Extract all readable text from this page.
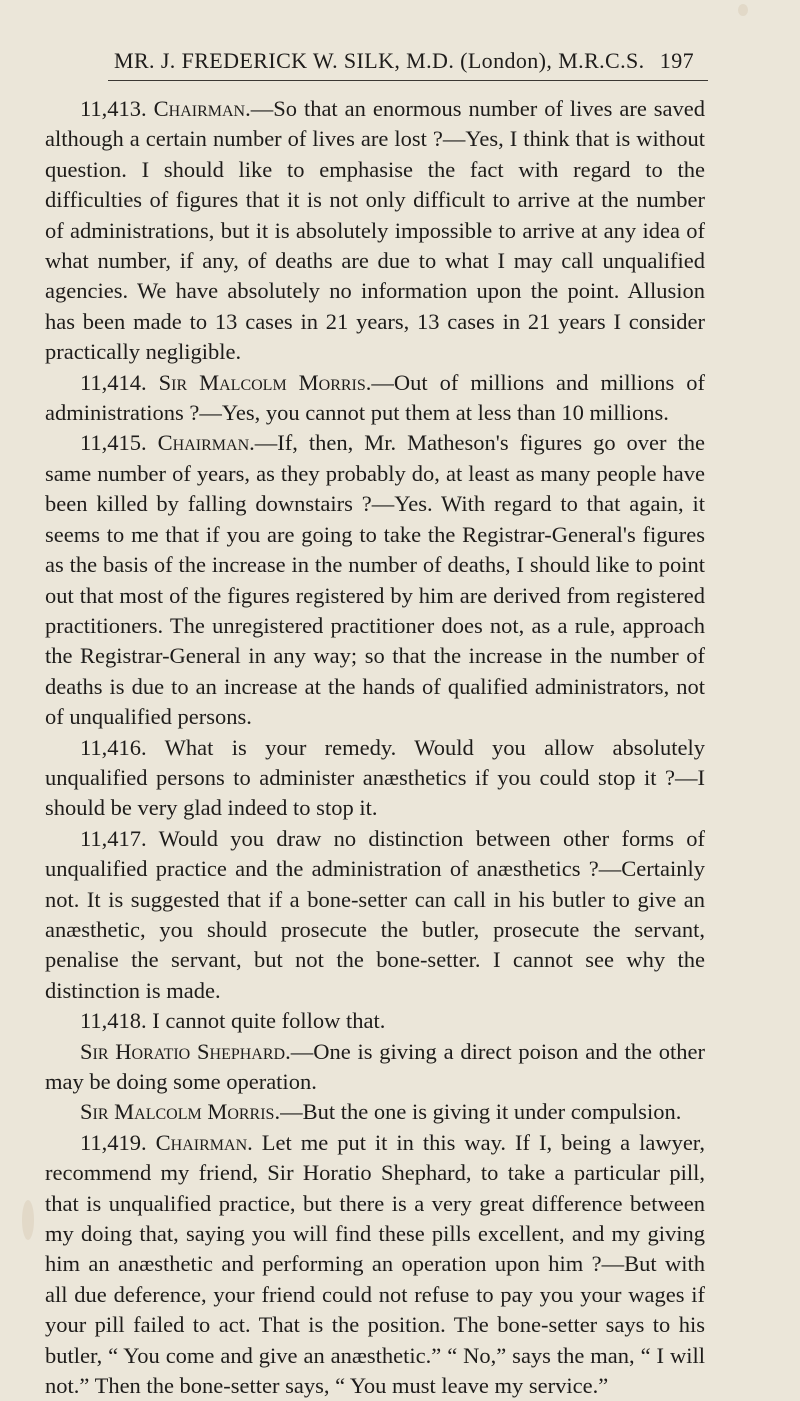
MR. J. FREDERICK W. SILK, M.D. (London), M.R.C.S. 197

11,413. Chairman.—So that an enormous number of lives are saved although a certain number of lives are lost ?—Yes, I think that is without question. I should like to emphasise the fact with regard to the difficulties of figures that it is not only difficult to arrive at the number of administrations, but it is absolutely impossible to arrive at any idea of what number, if any, of deaths are due to what I may call unqualified agencies. We have absolutely no information upon the point. Allusion has been made to 13 cases in 21 years, 13 cases in 21 years I consider practically negligible.

11,414. Sir Malcolm Morris.—Out of millions and millions of administrations ?—Yes, you cannot put them at less than 10 millions.

11,415. Chairman.—If, then, Mr. Matheson's figures go over the same number of years, as they probably do, at least as many people have been killed by falling downstairs ?—Yes. With regard to that again, it seems to me that if you are going to take the Registrar-General's figures as the basis of the increase in the number of deaths, I should like to point out that most of the figures registered by him are derived from registered practitioners. The unregistered practitioner does not, as a rule, approach the Registrar-General in any way; so that the increase in the number of deaths is due to an increase at the hands of qualified administrators, not of unqualified persons.

11,416. What is your remedy. Would you allow absolutely unqualified persons to administer anæsthetics if you could stop it ?—I should be very glad indeed to stop it.

11,417. Would you draw no distinction between other forms of unqualified practice and the administration of anæsthetics ?—Certainly not. It is suggested that if a bone-setter can call in his butler to give an anæsthetic, you should prosecute the butler, prosecute the servant, penalise the servant, but not the bone-setter. I cannot see why the distinction is made.

11,418. I cannot quite follow that.

Sir Horatio Shephard.—One is giving a direct poison and the other may be doing some operation.

Sir Malcolm Morris.—But the one is giving it under compulsion.

11,419. Chairman. Let me put it in this way. If I, being a lawyer, recommend my friend, Sir Horatio Shephard, to take a particular pill, that is unqualified practice, but there is a very great difference between my doing that, saying you will find these pills excellent, and my giving him an anæsthetic and performing an operation upon him ?—But with all due deference, your friend could not refuse to pay you your wages if your pill failed to act. That is the position. The bone-setter says to his butler, “ You come and give an anæsthetic.” “ No,” says the man, “ I will not.” Then the bone-setter says, “ You must leave my service.”
